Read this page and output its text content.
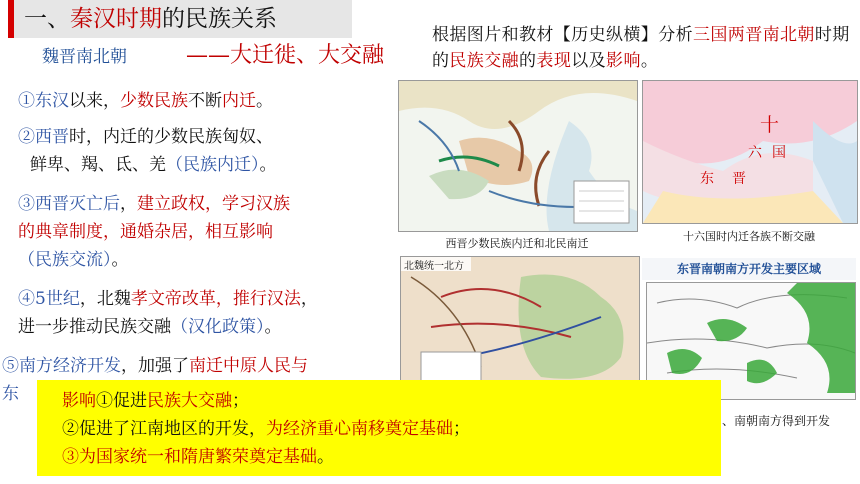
一、秦汉时期的民族关系
魏晋南北朝	——大迁徙、大交融
根据图片和教材【历史纵横】分析三国两晋南北朝时期的民族交融的表现以及影响。
①东汉以来，少数民族不断内迁。
②西晋时，内迁的少数民族匈奴、
鲜卑、羯、氐、羌（民族内迁）。
③西晋灭亡后，建立政权，学习汉族
的典章制度，通婚杂居，相互影响
（民族交流）。
④5世纪，北魏孝文帝改革，推行汉法，
进一步推动民族交融（汉化政策）。
⑤南方经济开发，加强了南迁中原人民与
东
西晋少数民族内迁和北民南迁
十
六国
东晋
十六国时内迁各族不断交融
北魏统一北方	东晋南朝南方开发主要区域
、南朝南方得到开发
影响①促进民族大交融；
②促进了江南地区的开发，为经济重心南移奠定基础；
③为国家统一和隋唐繁荣奠定基础。
